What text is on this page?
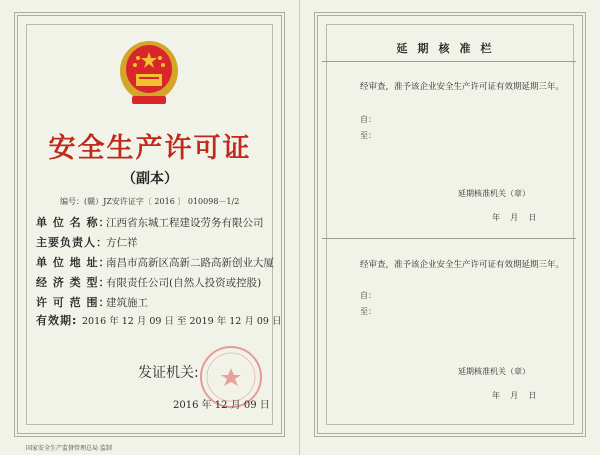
安全生产许可证
（副本）
编号：(赣）JZ安许证字〔 2016 〕 010098－1/2
单 位 名 称：江西省东城工程建设劳务有限公司
主要负责人：方仁祥
单 位 地 址：南昌市高新区高新二路高新创业大厦
经 济 类 型：有限责任公司(自然人投资或控股)
许 可 范 围：建筑施工
有效期: 2016 年 12 月 09 日 至 2019 年 12 月 09 日
发证机关:
2016 年 12 月 09 日
国家安全生产监督管理总局 监制
延期核准栏
经审查，准予该企业安全生产许可证有效期延期三年。
自：
至：
延期核准机关（章）
年    月    日
经审查，准予该企业安全生产许可证有效期延期三年。
自：
至：
延期核准机关（章）
年    月    日
